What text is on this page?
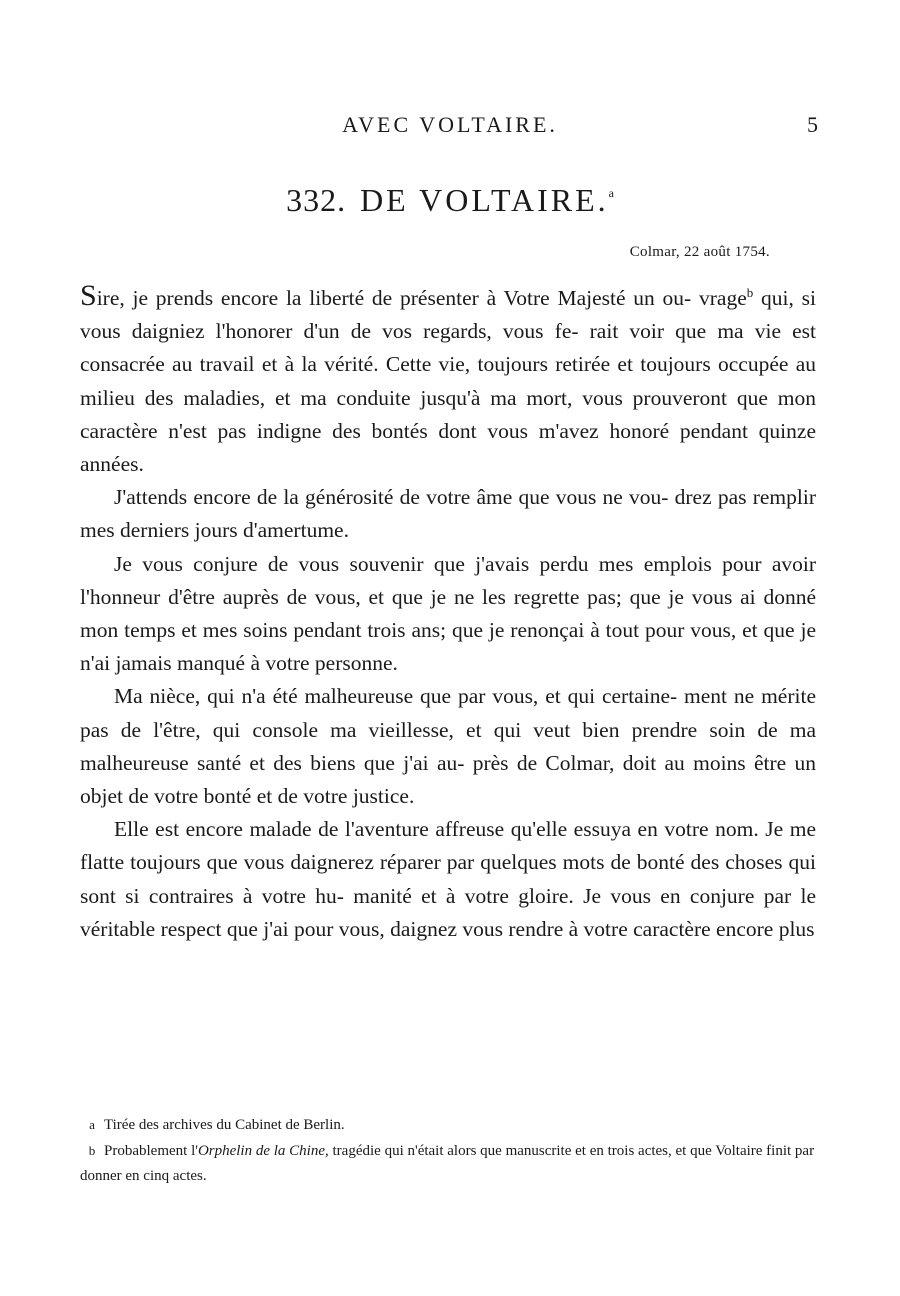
AVEC VOLTAIRE.	5
332. DE VOLTAIRE.$^a$
Colmar, 22 août 1754.

Sire, je prends encore la liberté de présenter à Votre Majesté un ou- vrage$^b$ qui, si vous daigniez l'honorer d'un de vos regards, vous fe- rait voir que ma vie est consacrée au travail et à la vérité. Cette vie, toujours retirée et toujours occupée au milieu des maladies, et ma conduite jusqu'à ma mort, vous prouveront que mon caractère n'est pas indigne des bontés dont vous m'avez honoré pendant quinze années.

J'attends encore de la générosité de votre âme que vous ne vou- drez pas remplir mes derniers jours d'amertume.

Je vous conjure de vous souvenir que j'avais perdu mes emplois pour avoir l'honneur d'être auprès de vous, et que je ne les regrette pas; que je vous ai donné mon temps et mes soins pendant trois ans; que je renonçai à tout pour vous, et que je n'ai jamais manqué à votre personne.

Ma nièce, qui n'a été malheureuse que par vous, et qui certaine- ment ne mérite pas de l'être, qui console ma vieillesse, et qui veut bien prendre soin de ma malheureuse santé et des biens que j'ai au- près de Colmar, doit au moins être un objet de votre bonté et de votre justice.

Elle est encore malade de l'aventure affreuse qu'elle essuya en votre nom. Je me flatte toujours que vous daignerez réparer par quelques mots de bonté des choses qui sont si contraires à votre hu- manité et à votre gloire. Je vous en conjure par le véritable respect que j'ai pour vous, daignez vous rendre à votre caractère encore plus

a Tirée des archives du Cabinet de Berlin.

b Probablement l'Orphelin de la Chine, tragédie qui n'était alors que manuscrite et en trois actes, et que Voltaire finit par donner en cinq actes.
